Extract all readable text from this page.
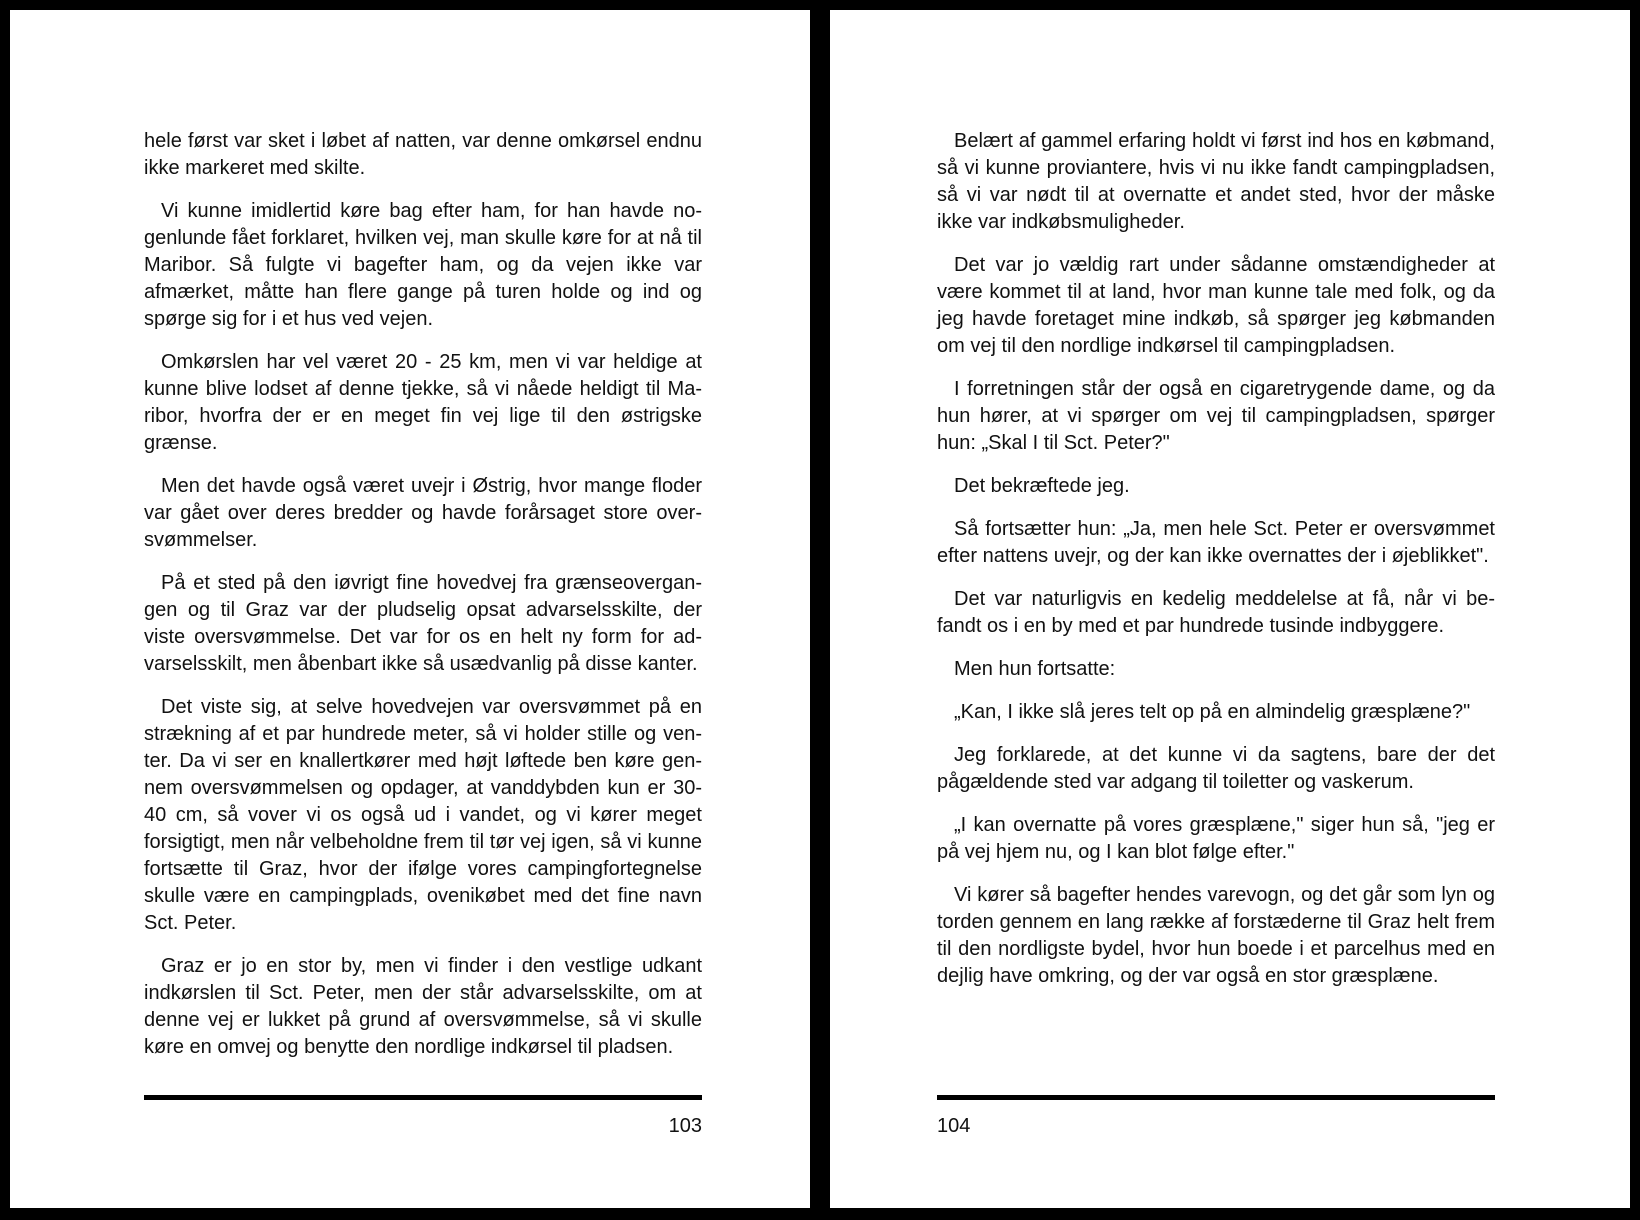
hele først var sket i løbet af natten, var denne omkørsel endnu ikke markeret med skilte.

Vi kunne imidlertid køre bag efter ham, for han havde nogenlunde fået forklaret, hvilken vej, man skulle køre for at nå til Maribor. Så fulgte vi bagefter ham, og da vejen ikke var afmærket, måtte han flere gange på turen holde og ind og spørge sig for i et hus ved vejen.

Omkørslen har vel været 20 - 25 km, men vi var heldige at kunne blive lodset af denne tjekke, så vi nåede heldigt til Maribor, hvorfra der er en meget fin vej lige til den østrigske grænse.

Men det havde også været uvejr i Østrig, hvor mange floder var gået over deres bredder og havde forårsaget store oversvømmelser.

På et sted på den iøvrigt fine hovedvej fra grænseovergangen og til Graz var der pludselig opsat advarselsskilte, der viste oversvømmelse. Det var for os en helt ny form for advarselsskilt, men åbenbart ikke så usædvanlig på disse kanter.

Det viste sig, at selve hovedvejen var oversvømmet på en strækning af et par hundrede meter, så vi holder stille og venter. Da vi ser en knallertkører med højt løftede ben køre gennem oversvømmelsen og opdager, at vanddybden kun er 30-40 cm, så vover vi os også ud i vandet, og vi kører meget forsigtigt, men når velbeholdne frem til tør vej igen, så vi kunne fortsætte til Graz, hvor der ifølge vores campingfortegnelse skulle være en campingplads, ovenikøbet med det fine navn Sct. Peter.

Graz er jo en stor by, men vi finder i den vestlige udkant indkørslen til Sct. Peter, men der står advarselsskilte, om at denne vej er lukket på grund af oversvømmelse, så vi skulle køre en omvej og benytte den nordlige indkørsel til pladsen.

103

Belært af gammel erfaring holdt vi først ind hos en købmand, så vi kunne proviantere, hvis vi nu ikke fandt campingpladsen, så vi var nødt til at overnatte et andet sted, hvor der måske ikke var indkøbsmuligheder.

Det var jo vældig rart under sådanne omstændigheder at være kommet til at land, hvor man kunne tale med folk, og da jeg havde foretaget mine indkøb, så spørger jeg købmanden om vej til den nordlige indkørsel til campingpladsen.

I forretningen står der også en cigaretrygende dame, og da hun hører, at vi spørger om vej til campingpladsen, spørger hun: „Skal I til Sct. Peter?"

Det bekræftede jeg.

Så fortsætter hun: „Ja, men hele Sct. Peter er oversvømmet efter nattens uvejr, og der kan ikke overnattes der i øjeblikket".

Det var naturligvis en kedelig meddelelse at få, når vi befandt os i en by med et par hundrede tusinde indbyggere.

Men hun fortsatte:

„Kan, I ikke slå jeres telt op på en almindelig græsplæne?"

Jeg forklarede, at det kunne vi da sagtens, bare der det pågældende sted var adgang til toiletter og vaskerum.

„I kan overnatte på vores græsplæne," siger hun så, "jeg er på vej hjem nu, og I kan blot følge efter."

Vi kører så bagefter hendes varevogn, og det går som lyn og torden gennem en lang række af forstæderne til Graz helt frem til den nordligste bydel, hvor hun boede i et parcelhus med en dejlig have omkring, og der var også en stor græsplæne.

104
